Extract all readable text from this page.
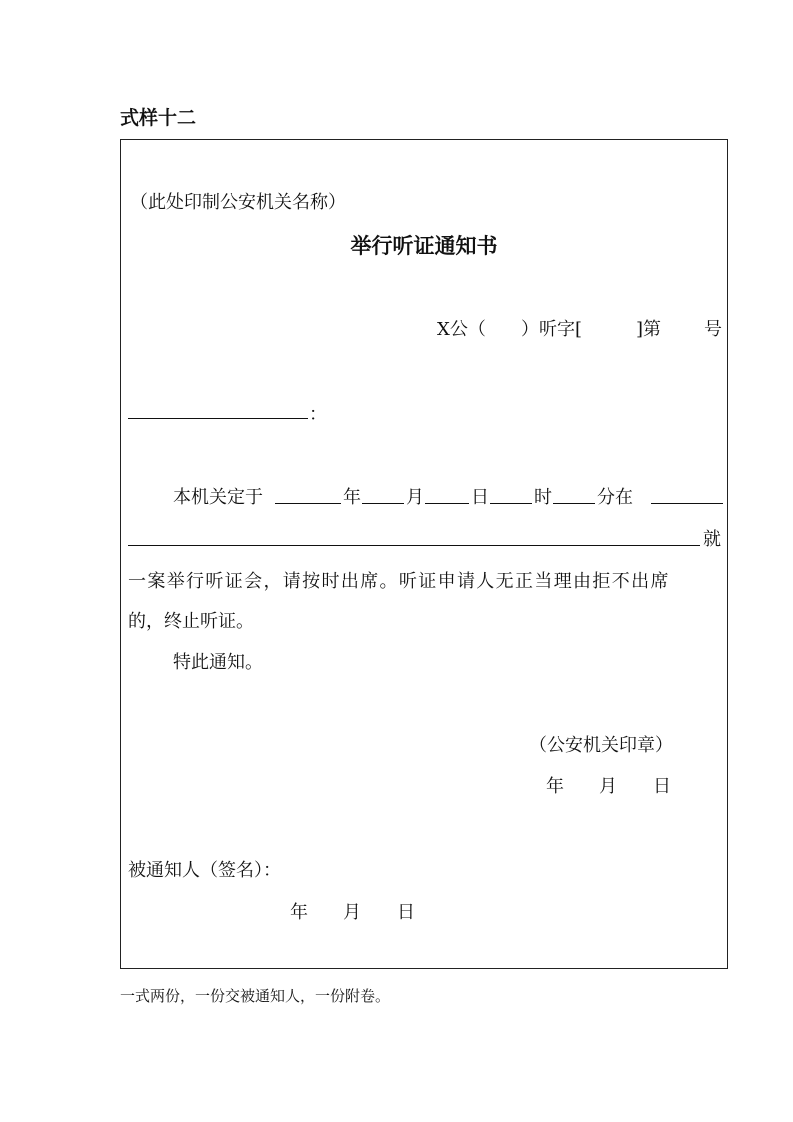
式样十二
（此处印制公安机关名称）
举行听证通知书
X公（ ）听字[	]第 号
：
本机关定于	年	月	日	时	分在
就
一案举行听证会，请按时出席。听证申请人无正当理由拒不出席
的，终止听证。
特此通知。
（公安机关印章）
年 月 日
被通知人（签名）：
年 月 日
一式两份，一份交被通知人，一份附卷。
